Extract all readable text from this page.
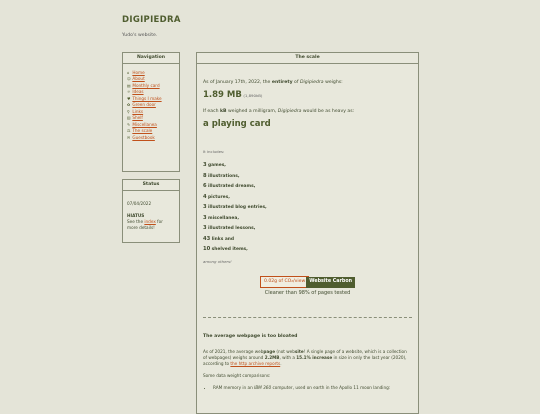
DIGIPIEDRA
Yudo's website.
Navigation
⌂ Home
☺ About
▤ Monthly card
☼ Ideas
♥ Things I make
✿ Green door
⚲ Links
▥ Shelf
✎ Miscellanea
⚖ The scale
✉ Guestbook
Status
07/04/2022
HIATUS
See the index for more details!
The scale

As of January 17th, 2022, the entirety of Digipiedra weighs:

1.89 MB (1,890kB)

If each kB weighed a milligram, Digipiedra would be as heavy as:

a playing card

It includes:

3 games,
8 illustrations,
6 illustrated dreams,
4 pictures,
3 illustrated blog entries,
3 miscellanea,
3 illustrated lessons,
43 links and
10 shelved items,

among others!

0.02g of CO₂/view Website Carbon
Cleaner than 98% of pages tested

The average webpage is too bloated

As of 2021, the average webpage (not website! A single page of a website, which is a collection of webpages) weighs around 2.2MB, with a 15.1% increase in size in only the last year (2020), according to the http archive reports.

Some data weight comparisons:

• RAM memory in an IBM 360 computer, used on earth in the Apollo 11 moon landing:
